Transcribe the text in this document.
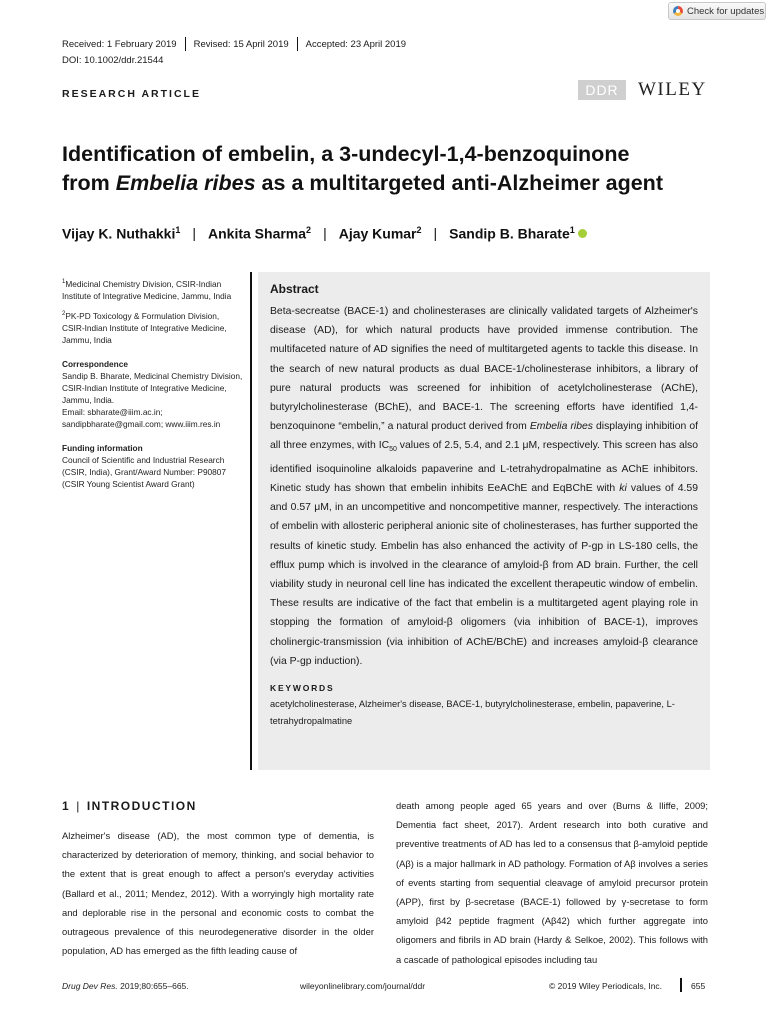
Check for updates
Received: 1 February 2019 Revised: 15 April 2019 Accepted: 23 April 2019
DOI: 10.1002/ddr.21544
RESEARCH ARTICLE	DDR	WILEY
Identification of embelin, a 3-undecyl-1,4-benzoquinone
from Embelia ribes as a multitargeted anti-Alzheimer agent
Vijay K. Nuthakki$^1$ | Ankita Sharma$^2$ | Ajay Kumar$^2$ | Sandip B. Bharate$^1$

$^1$Medicinal Chemistry Division, CSIR-Indian Institute of Integrative Medicine, Jammu, India

$^2$PK-PD Toxicology & Formulation Division, CSIR-Indian Institute of Integrative Medicine, Jammu, India

Correspondence

Sandip B. Bharate, Medicinal Chemistry Division, CSIR-Indian Institute of Integrative Medicine, Jammu, India.

Email: sbharate@iiim.ac.in; sandipbharate@gmail.com; www.iiim.res.in

Funding information

Council of Scientific and Industrial Research (CSIR, India), Grant/Award Number: P90807 (CSIR Young Scientist Award Grant)

Abstract
Beta-secreatse (BACE-1) and cholinesterases are clinically validated targets of Alzheimer's disease (AD), for which natural products have provided immense contribution. The multifaceted nature of AD signifies the need of multitargeted agents to tackle this disease. In the search of new natural products as dual BACE-1/cholinesterase inhibitors, a library of pure natural products was screened for inhibition of acetylcholinesterase (AChE), butyrylcholinesterase (BChE), and BACE-1. The screening efforts have identified 1,4-benzoquinone “embelin,” a natural product derived from Embelia ribes displaying inhibition of all three enzymes, with $IC_{50}$ values of 2.5, 5.4, and 2.1 μM, respectively. This screen has also identified isoquinoline alkaloids papaverine and L-tetrahydropalmatine as AChE inhibitors. Kinetic study has shown that embelin inhibits EeAChE and EqBChE with ki values of 4.59 and 0.57 μM, in an uncompetitive and noncompetitive manner, respectively. The interactions of embelin with allosteric peripheral anionic site of cholinesterases, has further supported the results of kinetic study. Embelin has also enhanced the activity of P-gp in LS-180 cells, the efflux pump which is involved in the clearance of amyloid-β from AD brain. Further, the cell viability study in neuronal cell line has indicated the excellent therapeutic window of embelin. These results are indicative of the fact that embelin is a multitargeted agent playing role in stopping the formation of amyloid-β oligomers (via inhibition of BACE-1), improves cholinergic-transmission (via inhibition of AChE/BChE) and increases amyloid-β clearance (via P-gp induction).
KEYWORDS
acetylcholinesterase, Alzheimer's disease, BACE-1, butyrylcholinesterase, embelin, papaverine, L-tetrahydropalmatine
1 | INTRODUCTION
Alzheimer's disease (AD), the most common type of dementia, is characterized by deterioration of memory, thinking, and social behavior to the extent that is great enough to affect a person's everyday activities (Ballard et al., 2011; Mendez, 2012). With a worryingly high mortality rate and deplorable rise in the personal and economic costs to combat the outrageous prevalence of this neurodegenerative disorder in the older population, AD has emerged as the fifth leading cause of
death among people aged 65 years and over (Burns & Iliffe, 2009; Dementia fact sheet, 2017). Ardent research into both curative and preventive treatments of AD has led to a consensus that β-amyloid peptide (Aβ) is a major hallmark in AD pathology. Formation of Aβ involves a series of events starting from sequential cleavage of amyloid precursor protein (APP), first by β-secretase (BACE-1) followed by γ-secretase to form amyloid β42 peptide fragment (Aβ42) which further aggregate into oligomers and fibrils in AD brain (Hardy & Selkoe, 2002). This follows with a cascade of pathological episodes including tau
Drug Dev Res. 2019;80:655–665.	wileyonlinelibrary.com/journal/ddr	© 2019 Wiley Periodicals, Inc.	655
